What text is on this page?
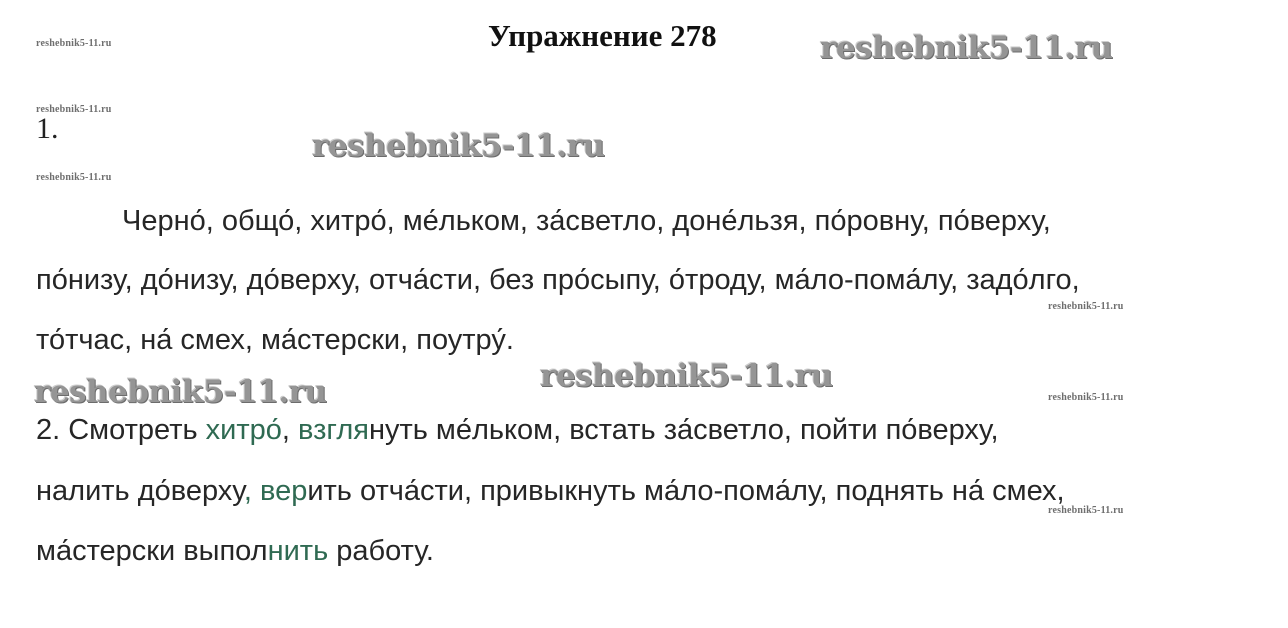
reshebnik5-11.ru	Упражнение 278	reshebnik5-11.ru
reshebnik5-11.ru
1.	reshebnik5-11.ru
reshebnik5-11.ru
Черно́, общо́, хитро́, ме́льком, за́светло, доне́льзя, по́ровну, по́верху,
по́низу, до́низу, до́верху, отча́сти, без про́сыпу, о́троду, ма́ло-пома́лу, задо́лго,
reshebnik5-11.ru
то́тчас, на́ смех, ма́стерски, поутру́.
reshebnik5-11.ru	reshebnik5-11.ru
reshebnik5-11.ru
2. Смотреть хитро́, взглянуть ме́льком, встать за́светло, пойти по́верху,
налить до́верху, верить отча́сти, привыкнуть ма́ло-пома́лу, поднять на́ смех,
reshebnik5-11.ru
ма́стерски выполнить работу.
